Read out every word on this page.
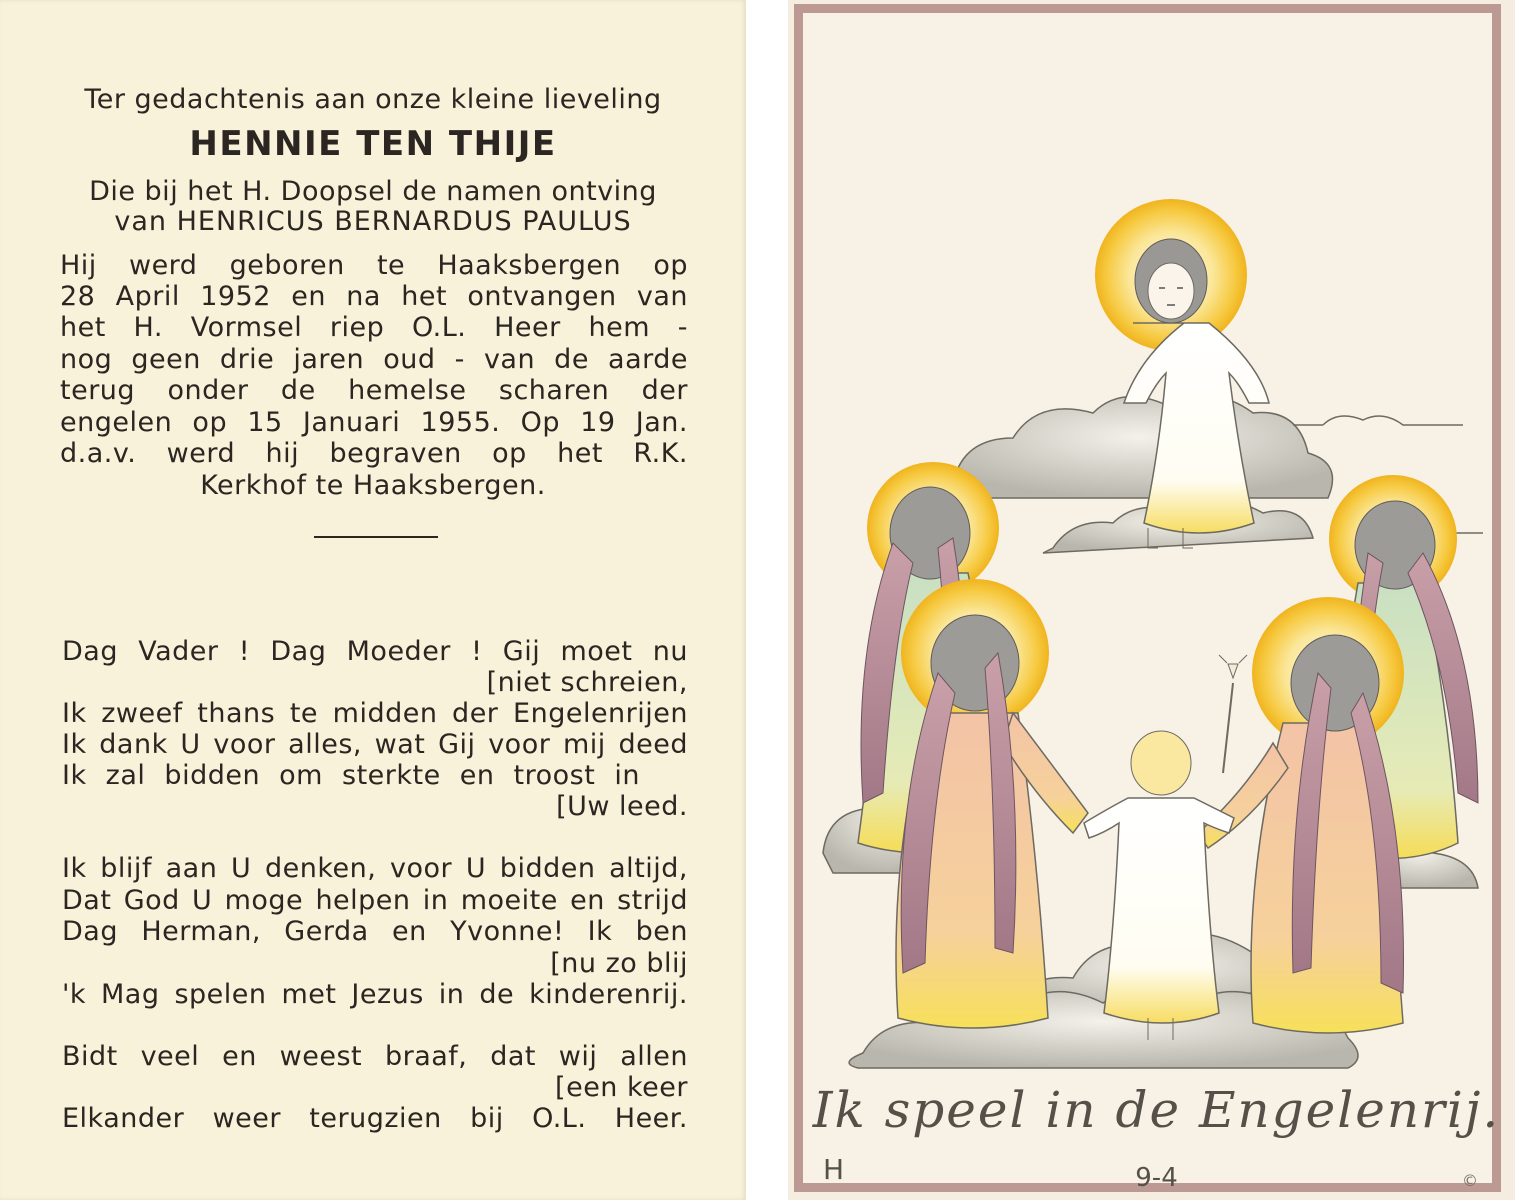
Ter gedachtenis aan onze kleine lieveling
HENNIE TEN THIJE
Die bij het H. Doopsel de namen ontving
van HENRICUS BERNARDUS PAULUS
Hij werd geboren te Haaksbergen op
28 April 1952 en na het ontvangen van
het H. Vormsel riep O.L. Heer hem -
nog geen drie jaren oud - van de aarde
terug onder de hemelse scharen der
engelen op 15 Januari 1955. Op 19 Jan.
d.a.v. werd hij begraven op het R.K.
Kerkhof te Haaksbergen.
Dag Vader ! Dag Moeder ! Gij moet nu
[niet schreien,
Ik zweef thans te midden der Engelenrijen
Ik dank U voor alles, wat Gij voor mij deed
Ik zal bidden om sterkte en troost in
[Uw leed.
Ik blijf aan U denken, voor U bidden altijd,
Dat God U moge helpen in moeite en strijd
Dag Herman, Gerda en Yvonne! Ik ben
[nu zo blij
'k Mag spelen met Jezus in de kinderenrij.
Bidt veel en weest braaf, dat wij allen
[een keer
Elkander weer terugzien bij O.L. Heer. Ik speel in de Engelenrij.
9-4
H	©
